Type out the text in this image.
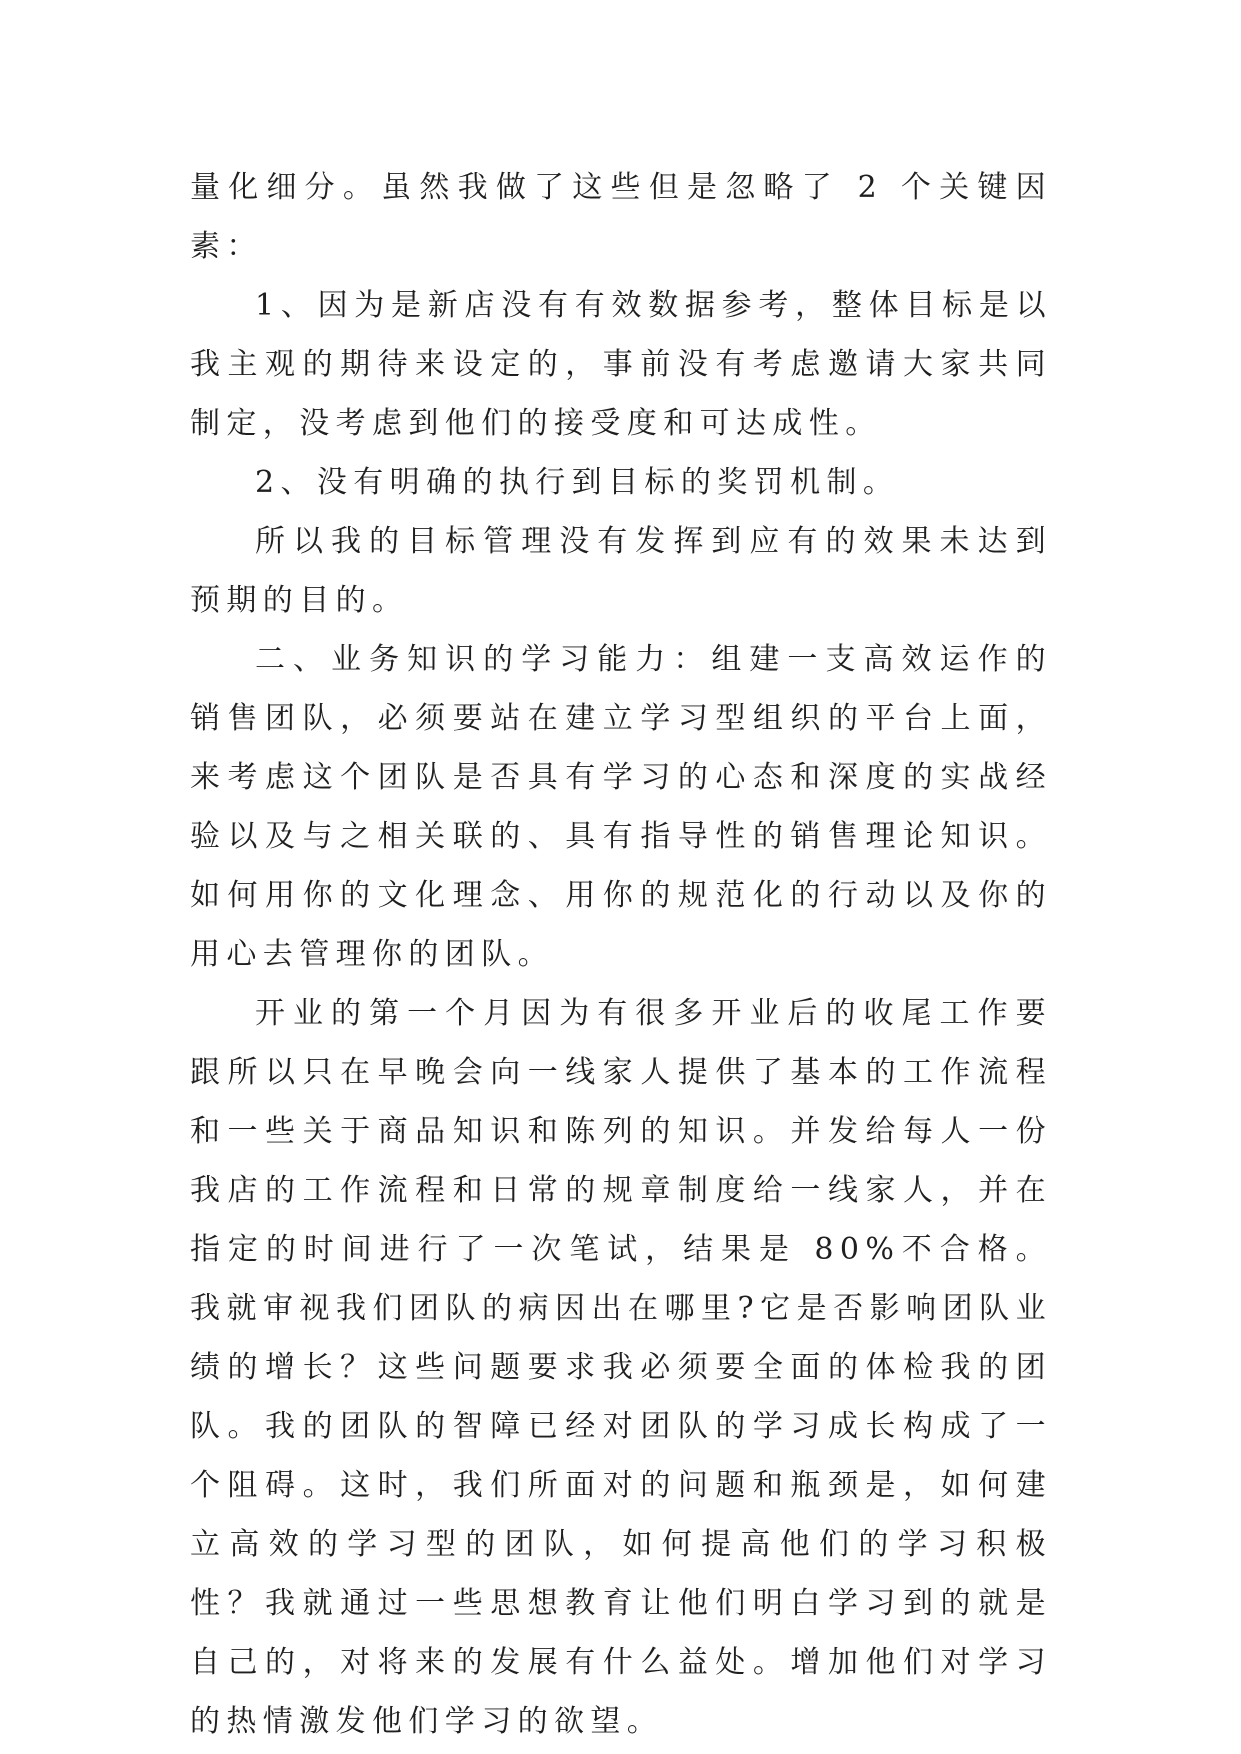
量化细分。虽然我做了这些但是忽略了 2 个关键因素：

1、因为是新店没有有效数据参考，整体目标是以我主观的期待来设定的，事前没有考虑邀请大家共同制定，没考虑到他们的接受度和可达成性。

2、没有明确的执行到目标的奖罚机制。

所以我的目标管理没有发挥到应有的效果未达到预期的目的。

二、业务知识的学习能力：组建一支高效运作的销售团队，必须要站在建立学习型组织的平台上面，来考虑这个团队是否具有学习的心态和深度的实战经验以及与之相关联的、具有指导性的销售理论知识。如何用你的文化理念、用你的规范化的行动以及你的用心去管理你的团队。

开业的第一个月因为有很多开业后的收尾工作要跟所以只在早晚会向一线家人提供了基本的工作流程和一些关于商品知识和陈列的知识。并发给每人一份我店的工作流程和日常的规章制度给一线家人，并在指定的时间进行了一次笔试，结果是 80%不合格。我就审视我们团队的病因出在哪里?它是否影响团队业绩的增长？这些问题要求我必须要全面的体检我的团队。我的团队的智障已经对团队的学习成长构成了一个阻碍。这时，我们所面对的问题和瓶颈是，如何建立高效的学习型的团队，如何提高他们的学习积极性？我就通过一些思想教育让他们明白学习到的就是自己的，对将来的发展有什么益处。增加他们对学习的热情激发他们学习的欲望。
